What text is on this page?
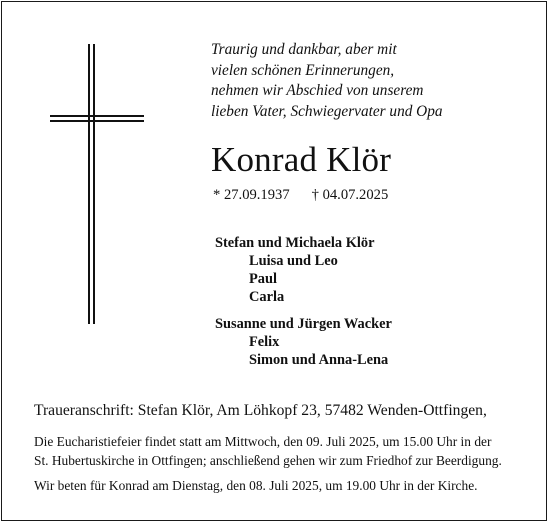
Traurig und dankbar, aber mit
vielen schönen Erinnerungen,
nehmen wir Abschied von unserem
lieben Vater, Schwiegervater und Opa
Konrad Klör
* 27.09.1937 † 04.07.2025
Stefan und Michaela Klör
Luisa und Leo
Paul
Carla
Susanne und Jürgen Wacker
Felix
Simon und Anna-Lena
Traueranschrift: Stefan Klör, Am Löhkopf 23, 57482 Wenden-Ottfingen,
Die Eucharistiefeier findet statt am Mittwoch, den 09. Juli 2025, um 15.00 Uhr in der
St. Hubertuskirche in Ottfingen; anschließend gehen wir zum Friedhof zur Beerdigung.
Wir beten für Konrad am Dienstag, den 08. Juli 2025, um 19.00 Uhr in der Kirche.
